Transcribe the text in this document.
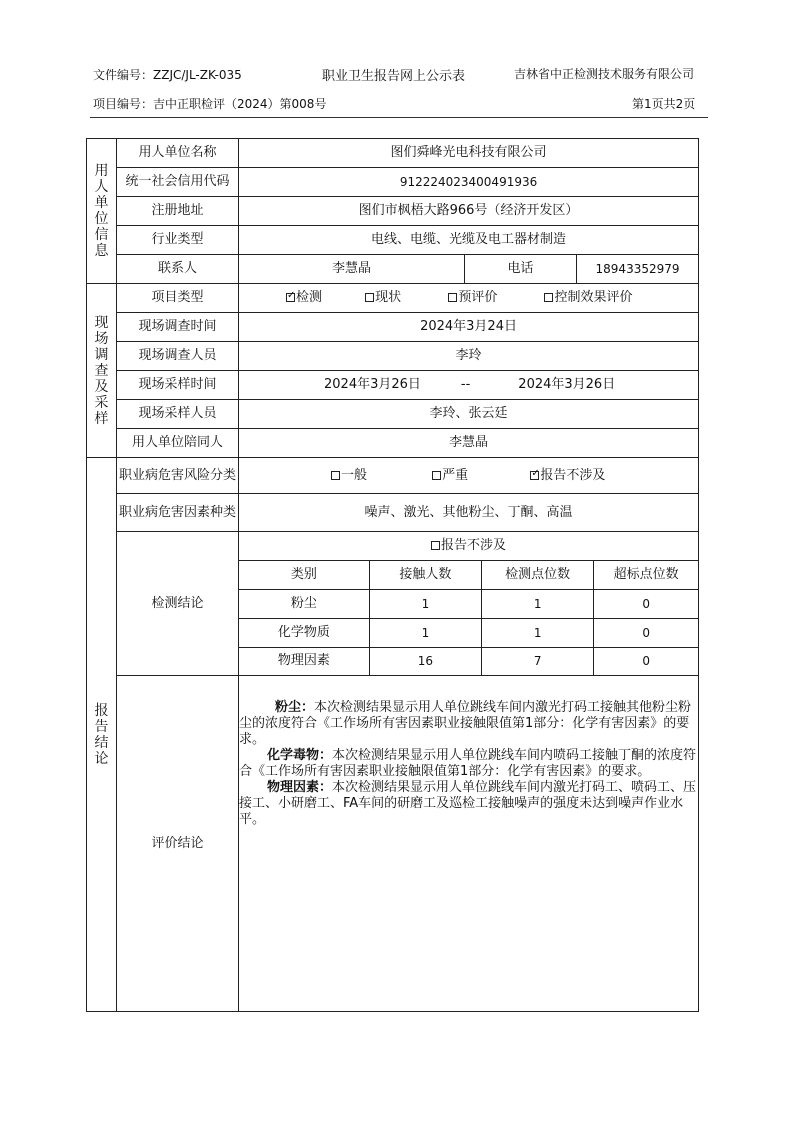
文件编号：ZZJC/JL-ZK-035	职业卫生报告网上公示表	吉林省中正检测技术服务有限公司
项目编号：吉中正职检评（2024）第008号	第1页共2页
用
人
单
位
信
息
	用人单位名称	图们舜峰光电科技有限公司
统一社会信用代码	912224023400491936
注册地址	图们市枫梧大路966号（经济开发区）
行业类型	电线、电缆、光缆及电工器材制造
联系人	李慧晶	电话	18943352979

现
场
调
查
及
采
样
	项目类型	✓检测	现状	预评价	控制效果评价
现场调查时间	2024年3月24日
现场调查人员	李玲
现场采样时间	2024年3月26日	--	2024年3月26日
现场采样人员	李玲、张云廷
用人单位陪同人	李慧晶

报
告
结
论
	职业病危害风险分类	一般	严重 ✓	报告不涉及
职业病危害因素种类	噪声、激光、其他粉尘、丁酮、高温
检测结论	
报告不涉及
类别	接触人数	检测点位数	超标点位数
粉尘	1	1	0
化学物质	1	1	0
物理因素	16	7	0

评价结论	

粉尘：本次检测结果显示用人单位跳线车间内激光打码工接触其他粉尘粉尘的浓度符合《工作场所有害因素职业接触限值第1部分：化学有害因素》的要求。

化学毒物：本次检测结果显示用人单位跳线车间内喷码工接触丁酮的浓度符合《工作场所有害因素职业接触限值第1部分：化学有害因素》的要求。

物理因素：本次检测结果显示用人单位跳线车间内激光打码工、喷码工、压接工、小研磨工、FA车间的研磨工及巡检工接触噪声的强度未达到噪声作业水平。
